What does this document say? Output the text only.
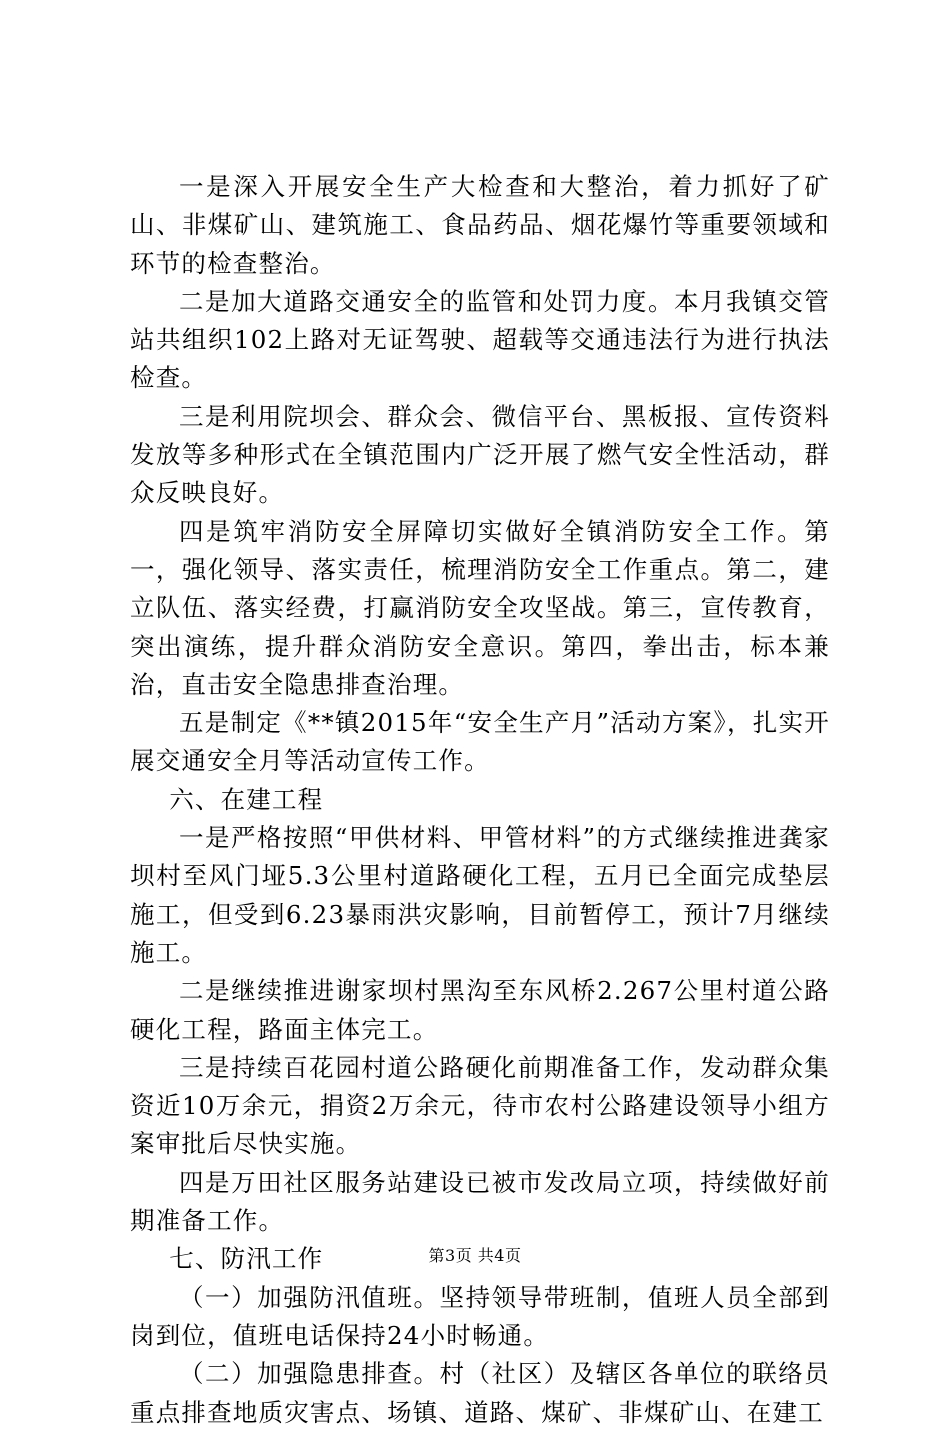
一是深入开展安全生产大检查和大整治，着力抓好了矿山、非煤矿山、建筑施工、食品药品、烟花爆竹等重要领域和环节的检查整治。

二是加大道路交通安全的监管和处罚力度。本月我镇交管站共组织102上路对无证驾驶、超载等交通违法行为进行执法检查。

三是利用院坝会、群众会、微信平台、黑板报、宣传资料发放等多种形式在全镇范围内广泛开展了燃气安全性活动，群众反映良好。

四是筑牢消防安全屏障切实做好全镇消防安全工作。第一，强化领导、落实责任，梳理消防安全工作重点。第二，建立队伍、落实经费，打赢消防安全攻坚战。第三，宣传教育，突出演练，提升群众消防安全意识。第四，拳出击，标本兼治，直击安全隐患排查治理。

五是制定《**镇2015年“安全生产月”活动方案》，扎实开展交通安全月等活动宣传工作。

六、在建工程

一是严格按照“甲供材料、甲管材料”的方式继续推进龚家坝村至风门垭5.3公里村道路硬化工程，五月已全面完成垫层施工，但受到6.23暴雨洪灾影响，目前暂停工，预计7月继续施工。

二是继续推进谢家坝村黑沟至东风桥2.267公里村道公路硬化工程，路面主体完工。

三是持续百花园村道公路硬化前期准备工作，发动群众集资近10万余元，捐资2万余元，待市农村公路建设领导小组方案审批后尽快实施。

四是万田社区服务站建设已被市发改局立项，持续做好前期准备工作。

七、防汛工作

（一）加强防汛值班。坚持领导带班制，值班人员全部到岗到位，值班电话保持24小时畅通。

（二）加强隐患排查。村（社区）及辖区各单位的联络员重点排查地质灾害点、场镇、道路、煤矿、非煤矿山、在建工

第3页 共4页
